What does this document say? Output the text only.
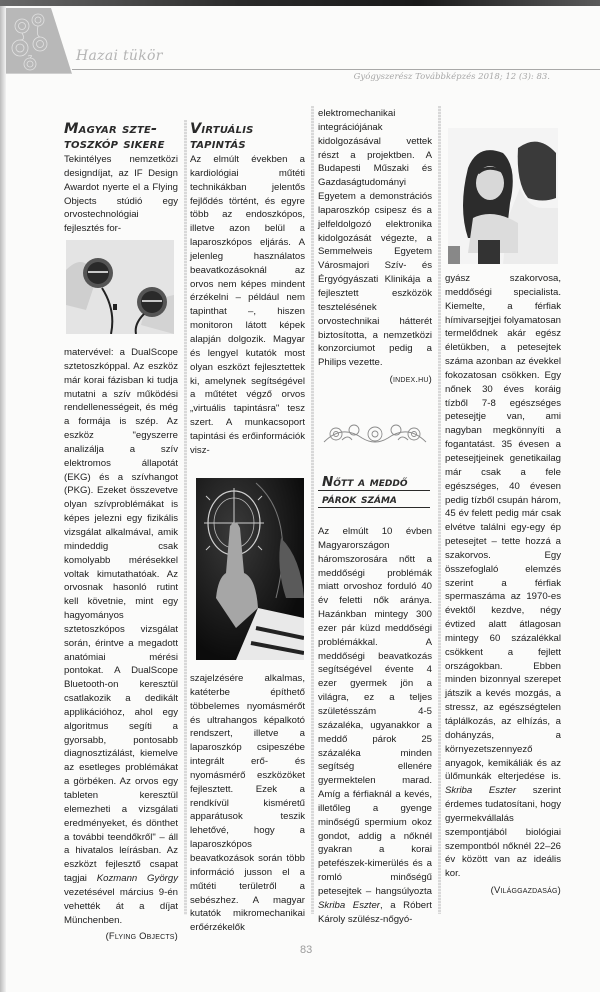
Hazai tükör
Gyógyszerész Továbbképzés 2018; 12 (3): 83.
Magyar szte-
toszkóp sikere

Tekintélyes nemzetközi designdíjat, az IF Design Awardot nyerte el a Flying Objects stúdió egy orvostechnológiai fejlesztés for-

matervével: a DualScope sztetoszkóppal. Az eszköz már korai fázisban ki tudja mutatni a szív működési rendellenességeit, és még a formája is szép. Az eszköz "egyszerre analizálja a szív elektromos állapotát (EKG) és a szívhangot (PKG). Ezeket összevetve olyan szívproblémákat is képes jelezni egy fizikális vizsgálat alkalmával, amik mindeddig csak komolyabb mérésekkel voltak kimutathatóak. Az orvosnak hasonló rutint kell követnie, mint egy hagyományos sztetoszkópos vizsgálat során, érintve a megadott anatómiai mérési pontokat. A DualScope Bluetooth-on keresztül csatlakozik a dedikált applikációhoz, ahol egy algoritmus segíti a gyorsabb, pontosabb diagnosztizálást, kiemelve az esetleges problémákat a görbéken. Az orvos egy tableten keresztül elemezheti a vizsgálati eredményeket, és dönthet a további teendőkről" – áll a hivatalos leírásban. Az eszközt fejlesztő csapat tagjai Kozmann György vezetésével március 9-én vehették át a díjat Münchenben.

(Flying Objects)
Virtuális
tapintás

Az elmúlt években a kardiológiai műtéti technikákban jelentős fejlődés történt, és egyre több az endoszkópos, illetve azon belül a laparoszkópos eljárás. A jelenleg használatos beavatkozásoknál az orvos nem képes mindent érzékelni – például nem tapinthat –, hiszen monitoron látott képek alapján dolgozik. Magyar és lengyel kutatók most olyan eszközt fejlesztettek ki, amelynek segítségével a műtétet végző orvos „virtuális tapintásra" tesz szert. A munkacsoport tapintási és erőinformációk visz-

szajelzésére alkalmas, katéterbe építhető többelemes nyomásmérőt és ultrahangos képalkotó rendszert, illetve a laparoszkóp csipeszébe integrált erő- és nyomásmérő eszközöket fejlesztett. Ezek a rendkívül kisméretű apparátusok teszik lehetővé, hogy a laparoszkópos beavatkozások során több információ jusson el a műtéti területről a sebészhez. A magyar kutatók mikromechanikai erőérzékelők

elektromechanikai integrációjának kidolgozásával vettek részt a projektben. A Budapesti Műszaki és Gazdaságtudományi Egyetem a demonstrációs laparoszkóp csipesz és a jelfeldolgozó elektronika kidolgozását végezte, a Semmelweis Egyetem Városmajori Szív- és Érgyógyászati Klinikája a fejlesztett eszközök tesztelésének orvostechnikai hátterét biztosította, a nemzetközi konzorciumot pedig a Philips vezette.

(index.hu)
Nőtt a meddő
párok száma

Az elmúlt 10 évben Magyarországon háromszorosára nőtt a meddőségi problémák miatt orvoshoz forduló 40 év feletti nők aránya. Hazánkban mintegy 300 ezer pár küzd meddőségi problémákkal. A meddőségi beavatkozás segítségével évente 4 ezer gyermek jön a világra, ez a teljes születésszám 4-5 százaléka, ugyanakkor a meddő párok 25 százaléka minden segítség ellenére gyermektelen marad. Amíg a férfiaknál a kevés, illetőleg a gyenge minőségű spermium okoz gondot, addig a nőknél gyakran a korai petefészek-kimerülés és a romló minőségű petesejtek – hangsúlyozta Skriba Eszter, a Róbert Károly szülész-nőgyó-

gyász szakorvosa, meddőségi specialista. Kiemelte, a férfiak hímivarsejtjei folyamatosan termelődnek akár egész életükben, a petesejtek száma azonban az évekkel fokozatosan csökken. Egy nőnek 30 éves koráig tízből 7-8 egészséges petesejtje van, ami nagyban megkönnyíti a fogantatást. 35 évesen a petesejtjeinek genetikailag már csak a fele egészséges, 40 évesen pedig tízből csupán három, 45 év felett pedig már csak elvétve találni egy-egy ép petesejtet – tette hozzá a szakorvos. Egy összefoglaló elemzés szerint a férfiak spermaszáma az 1970-es évektől kezdve, négy évtized alatt átlagosan mintegy 60 százalékkal csökkent a fejlett országokban. Ebben minden bizonnyal szerepet játszik a kevés mozgás, a stressz, az egészségtelen táplálkozás, az elhízás, a dohányzás, a környezetszennyező anyagok, kemikáliák és az ülőmunkák elterjedése is. Skriba Eszter szerint érdemes tudatosítani, hogy gyermekvállalás szempontjából biológiai szempontból nőknél 22–26 év között van az ideális kor.

(Világgazdaság)
83
